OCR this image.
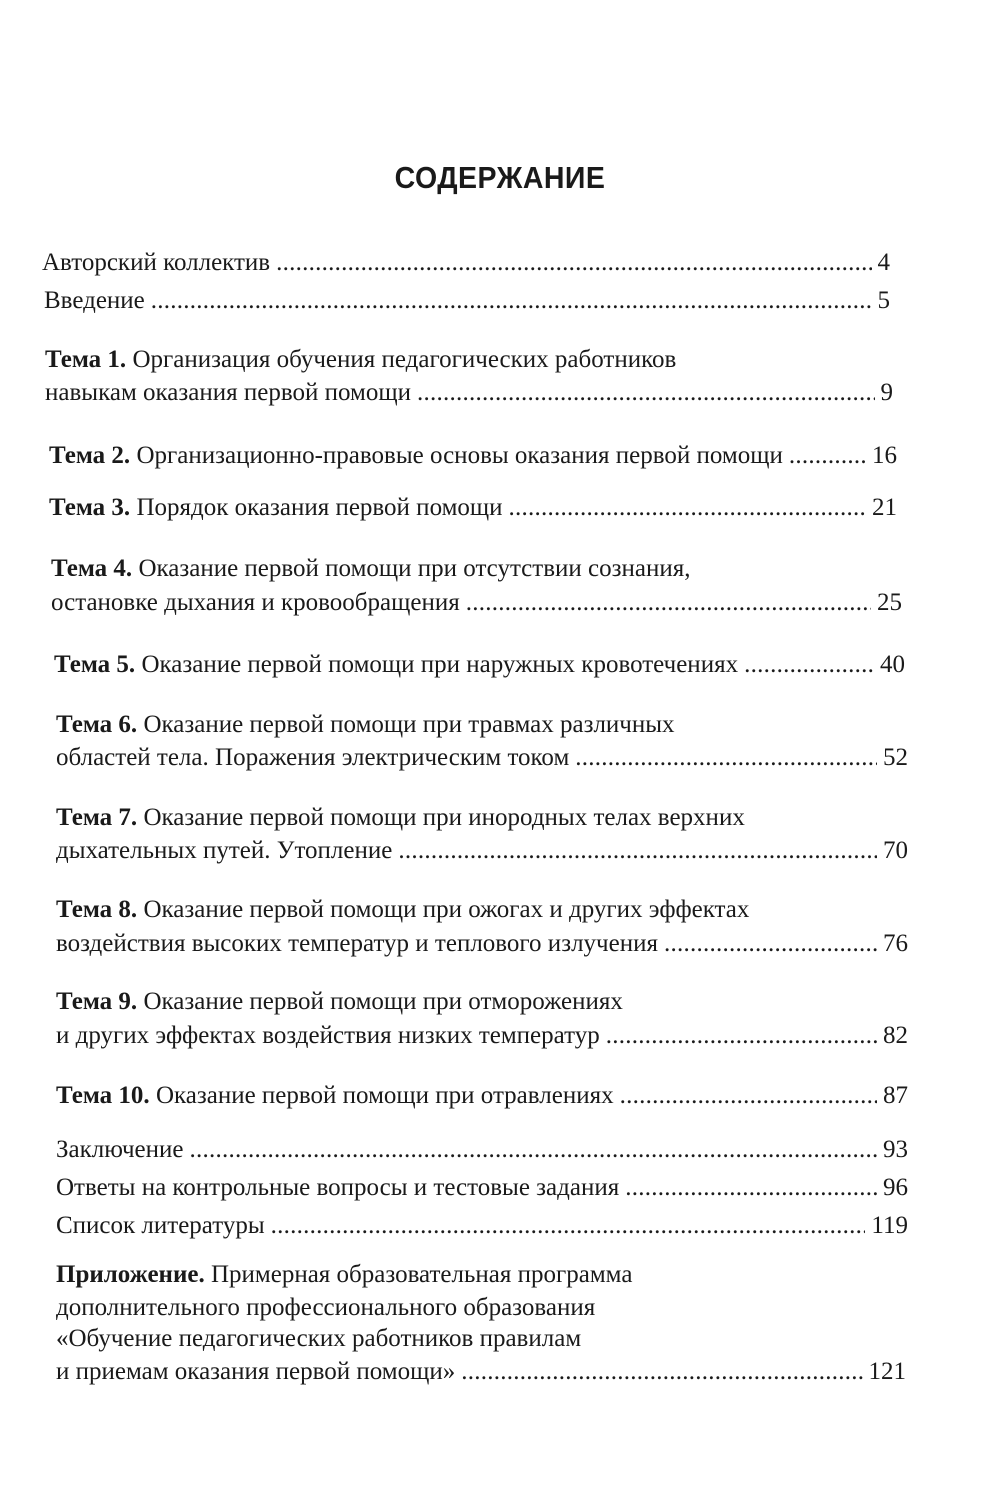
СОДЕРЖАНИЕ
Авторский коллектив . . .	4
Введение . . .	5
Тема 1. Организация обучения педагогических работников
навыкам оказания первой помощи . . .	9
Тема 2. Организационно-правовые основы оказания первой помощи . . .	16
Тема 3. Порядок оказания первой помощи . . .	21
Тема 4. Оказание первой помощи при отсутствии сознания,
остановке дыхания и кровообращения . . .	25
Тема 5. Оказание первой помощи при наружных кровотечениях . . .	40
Тема 6. Оказание первой помощи при травмах различных
областей тела. Поражения электрическим током . . .	52
Тема 7. Оказание первой помощи при инородных телах верхних
дыхательных путей. Утопление . . .	70
Тема 8. Оказание первой помощи при ожогах и других эффектах
воздействия высоких температур и теплового излучения . . .	76
Тема 9. Оказание первой помощи при отморожениях
и других эффектах воздействия низких температур . . .	82
Тема 10. Оказание первой помощи при отравлениях . . .	87
Заключение . . .	93
Ответы на контрольные вопросы и тестовые задания . . .	96
Список литературы . . .	119
Приложение. Примерная образовательная программа
дополнительного профессионального образования
«Обучение педагогических работников правилам
и приемам оказания первой помощи» . . .	121
